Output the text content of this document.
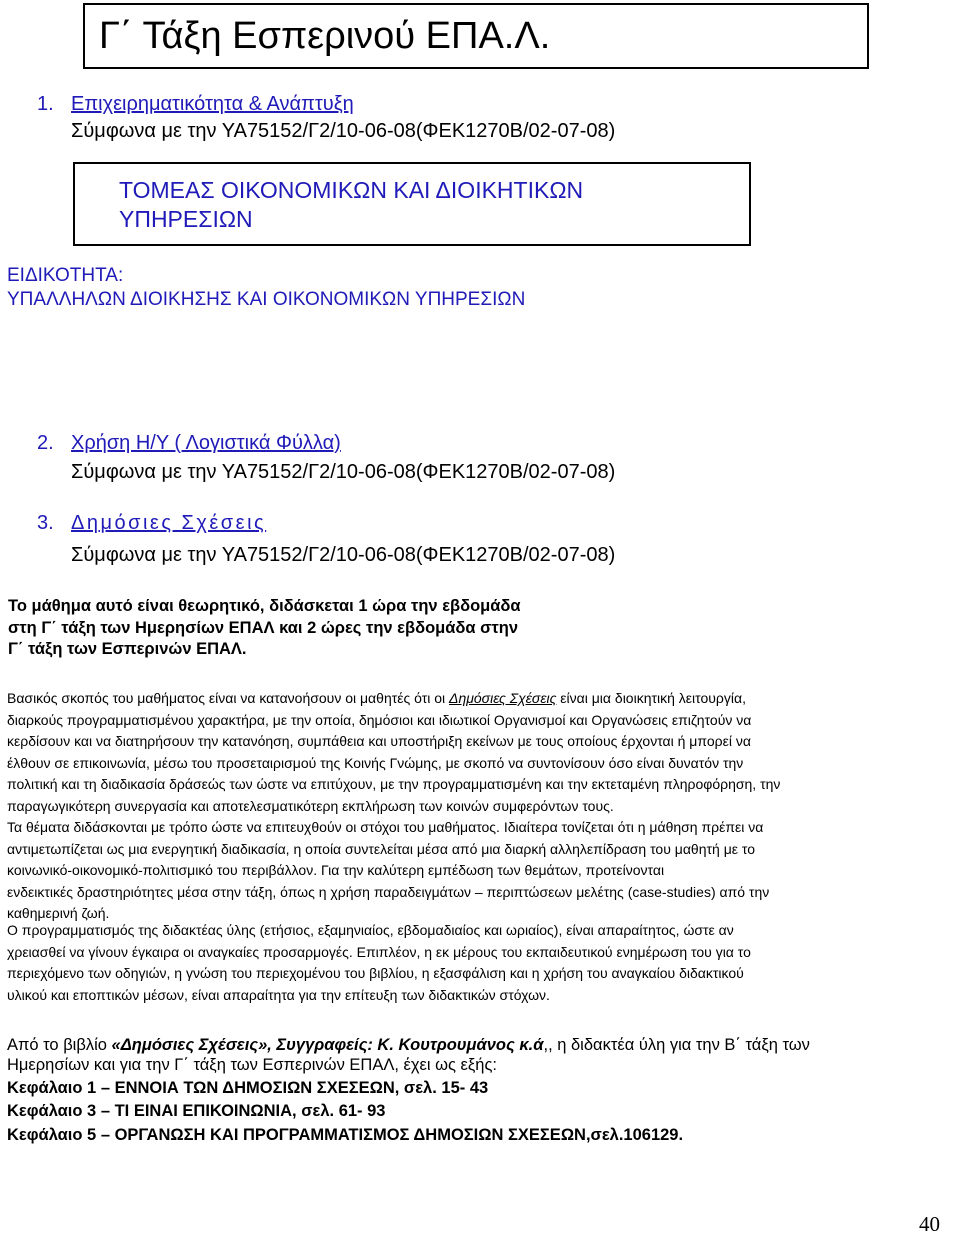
Γ΄ Τάξη Εσπερινού ΕΠΑ.Λ.
ΤΟΜΕΑΣ ΟΙΚΟΝΟΜΙΚΩΝ ΚΑΙ ΔΙΟΙΚΗΤΙΚΩΝ
ΥΠΗΡΕΣΙΩΝ
ΕΙΔΙΚΟΤΗΤΑ:
ΥΠΑΛΛΗΛΩΝ ΔΙΟΙΚΗΣΗΣ ΚΑΙ ΟΙΚΟΝΟΜΙΚΩΝ ΥΠΗΡΕΣΙΩΝ
1. Επιχειρηματικότητα & Ανάπτυξη
Σύμφωνα με την ΥΑ75152/Γ2/10-06-08(ΦΕΚ1270Β/02-07-08)
2. Χρήση Η/Υ ( Λογιστικά Φύλλα)
Σύμφωνα με την ΥΑ75152/Γ2/10-06-08(ΦΕΚ1270Β/02-07-08)
3. Δημόσιες Σχέσεις
Σύμφωνα με την ΥΑ75152/Γ2/10-06-08(ΦΕΚ1270Β/02-07-08)
Το μάθημα αυτό είναι θεωρητικό, διδάσκεται 1 ώρα την εβδομάδα
στη Γ΄ τάξη των Ημερησίων ΕΠΑΛ και 2 ώρες την εβδομάδα στην
Γ΄ τάξη των Εσπερινών ΕΠΑΛ.
Βασικός σκοπός του μαθήματος είναι να κατανοήσουν οι μαθητές ότι οι Δημόσιες Σχέσεις είναι μια διοικητική λειτουργία,
διαρκούς προγραμματισμένου χαρακτήρα, με την οποία, δημόσιοι και ιδιωτικοί Οργανισμοί και Οργανώσεις επιζητούν να
κερδίσουν και να διατηρήσουν την κατανόηση, συμπάθεια και υποστήριξη εκείνων με τους οποίους έρχονται ή μπορεί να
έλθουν σε επικοινωνία, μέσω του προσεταιρισμού της Κοινής Γνώμης, με σκοπό να συντονίσουν όσο είναι δυνατόν την
πολιτική και τη διαδικασία δράσεώς των ώστε να επιτύχουν, με την προγραμματισμένη και την εκτεταμένη πληροφόρηση, την
παραγωγικότερη συνεργασία και αποτελεσματικότερη εκπλήρωση των κοινών συμφερόντων τους.
Τα θέματα διδάσκονται με τρόπο ώστε να επιτευχθούν οι στόχοι του μαθήματος. Ιδιαίτερα τονίζεται ότι η μάθηση πρέπει να
αντιμετωπίζεται ως μια ενεργητική διαδικασία, η οποία συντελείται μέσα από μια διαρκή αλληλεπίδραση του μαθητή με το
κοινωνικό-οικονομικό-πολιτισμικό του περιβάλλον. Για την καλύτερη εμπέδωση των θεμάτων, προτείνονται
ενδεικτικές δραστηριότητες μέσα στην τάξη, όπως η χρήση παραδειγμάτων – περιπτώσεων μελέτης (case-studies) από την
καθημερινή ζωή.
Ο προγραμματισμός της διδακτέας ύλης (ετήσιος, εξαμηνιαίος, εβδομαδιαίος και ωριαίος), είναι απαραίτητος, ώστε αν
χρειασθεί να γίνουν έγκαιρα οι αναγκαίες προσαρμογές. Επιπλέον, η εκ μέρους του εκπαιδευτικού ενημέρωση του για το
περιεχόμενο των οδηγιών, η γνώση του περιεχομένου του βιβλίου, η εξασφάλιση και η χρήση του αναγκαίου διδακτικού
υλικού και εποπτικών μέσων, είναι απαραίτητα για την επίτευξη των διδακτικών στόχων.
Από το βιβλίο «Δημόσιες Σχέσεις», Συγγραφείς: Κ. Κουτρουμάνος κ.ά,, η διδακτέα ύλη για την Β΄ τάξη των
Ημερησίων και για την Γ΄ τάξη των Εσπερινών ΕΠΑΛ, έχει ως εξής:
Κεφάλαιο 1 – ΕΝΝΟΙΑ ΤΩΝ ΔΗΜΟΣΙΩΝ ΣΧΕΣΕΩΝ, σελ. 15- 43
Κεφάλαιο 3 – ΤΙ ΕΙΝΑΙ ΕΠΙΚΟΙΝΩΝΙΑ, σελ. 61- 93
Κεφάλαιο 5 – ΟΡΓΑΝΩΣΗ ΚΑΙ ΠΡΟΓΡΑΜΜΑΤΙΣΜΟΣ ΔΗΜΟΣΙΩΝ ΣΧΕΣΕΩΝ,σελ.106129.
40
